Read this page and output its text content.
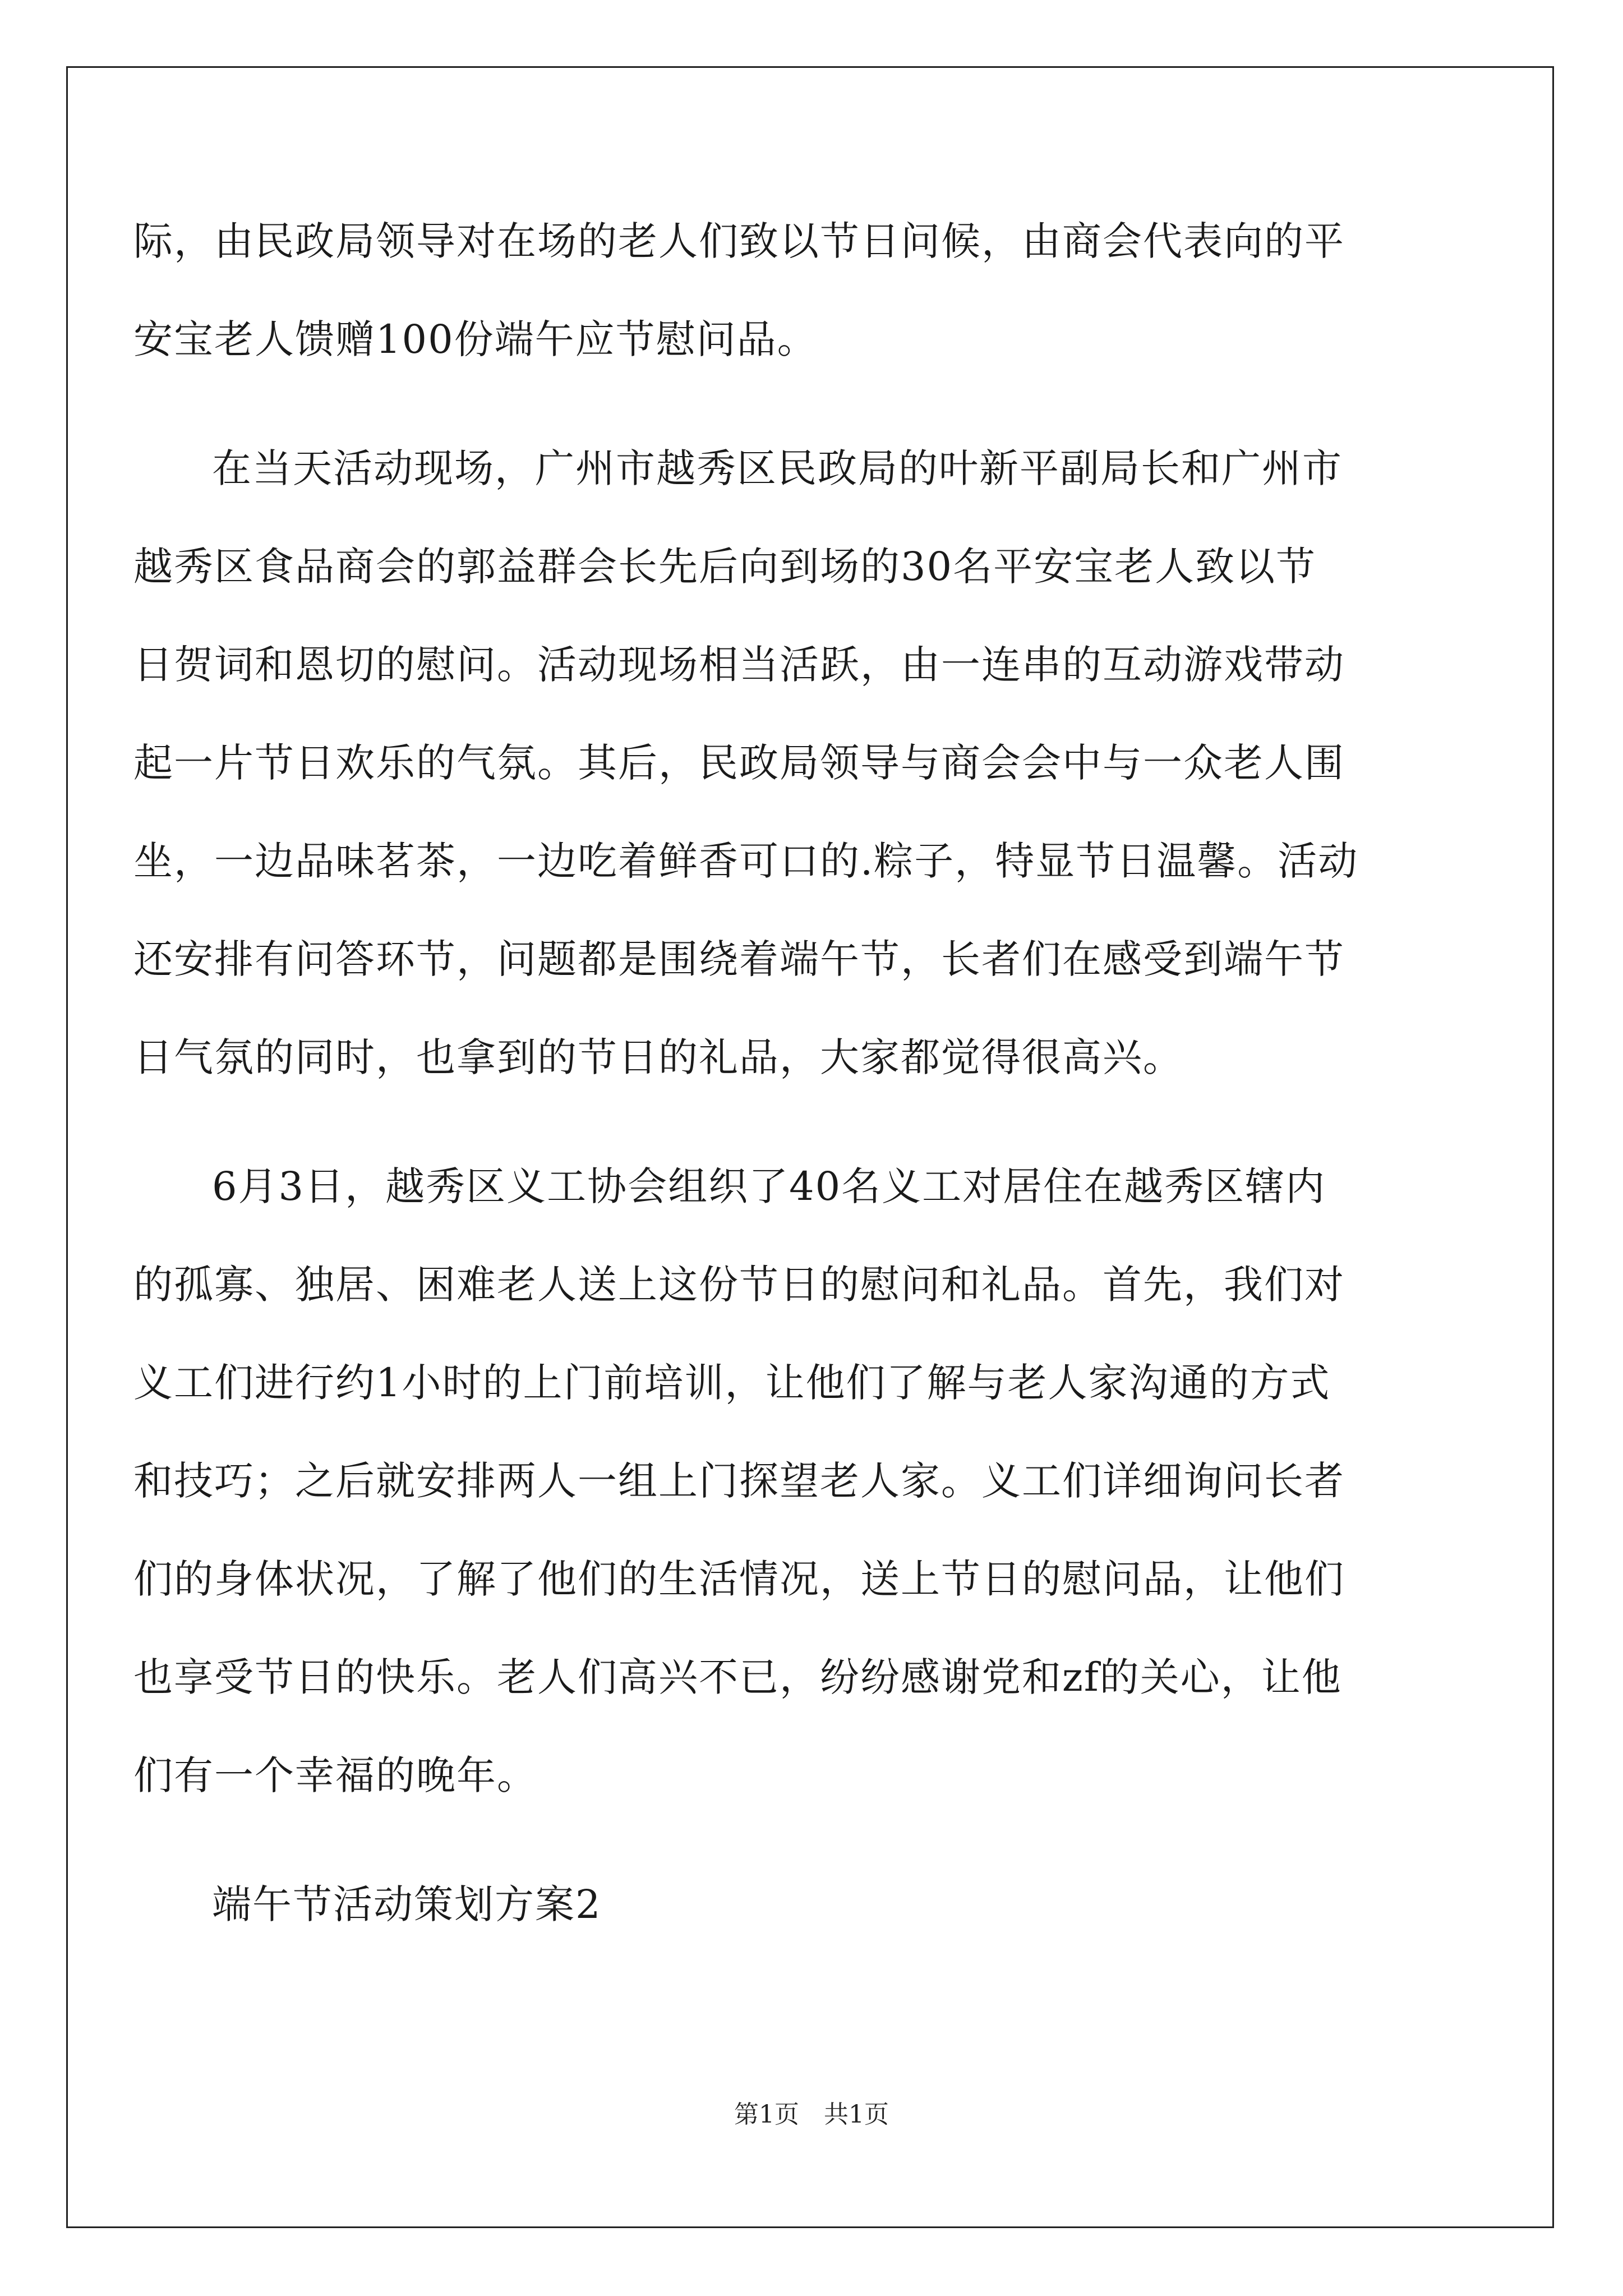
际，由民政局领导对在场的老人们致以节日问候，由商会代表向的平
安宝老人馈赠100份端午应节慰问品。
在当天活动现场，广州市越秀区民政局的叶新平副局长和广州市
越秀区食品商会的郭益群会长先后向到场的30名平安宝老人致以节
日贺词和恩切的慰问。活动现场相当活跃，由一连串的互动游戏带动
起一片节日欢乐的气氛。其后，民政局领导与商会会中与一众老人围
坐，一边品味茗茶，一边吃着鲜香可口的.粽子，特显节日温馨。活动
还安排有问答环节，问题都是围绕着端午节，长者们在感受到端午节
日气氛的同时，也拿到的节日的礼品，大家都觉得很高兴。
6月3日，越秀区义工协会组织了40名义工对居住在越秀区辖内
的孤寡、独居、困难老人送上这份节日的慰问和礼品。首先，我们对
义工们进行约1小时的上门前培训，让他们了解与老人家沟通的方式
和技巧；之后就安排两人一组上门探望老人家。义工们详细询问长者
们的身体状况，了解了他们的生活情况，送上节日的慰问品，让他们
也享受节日的快乐。老人们高兴不已，纷纷感谢党和zf的关心，让他
们有一个幸福的晚年。
端午节活动策划方案2
第1页　共1页
